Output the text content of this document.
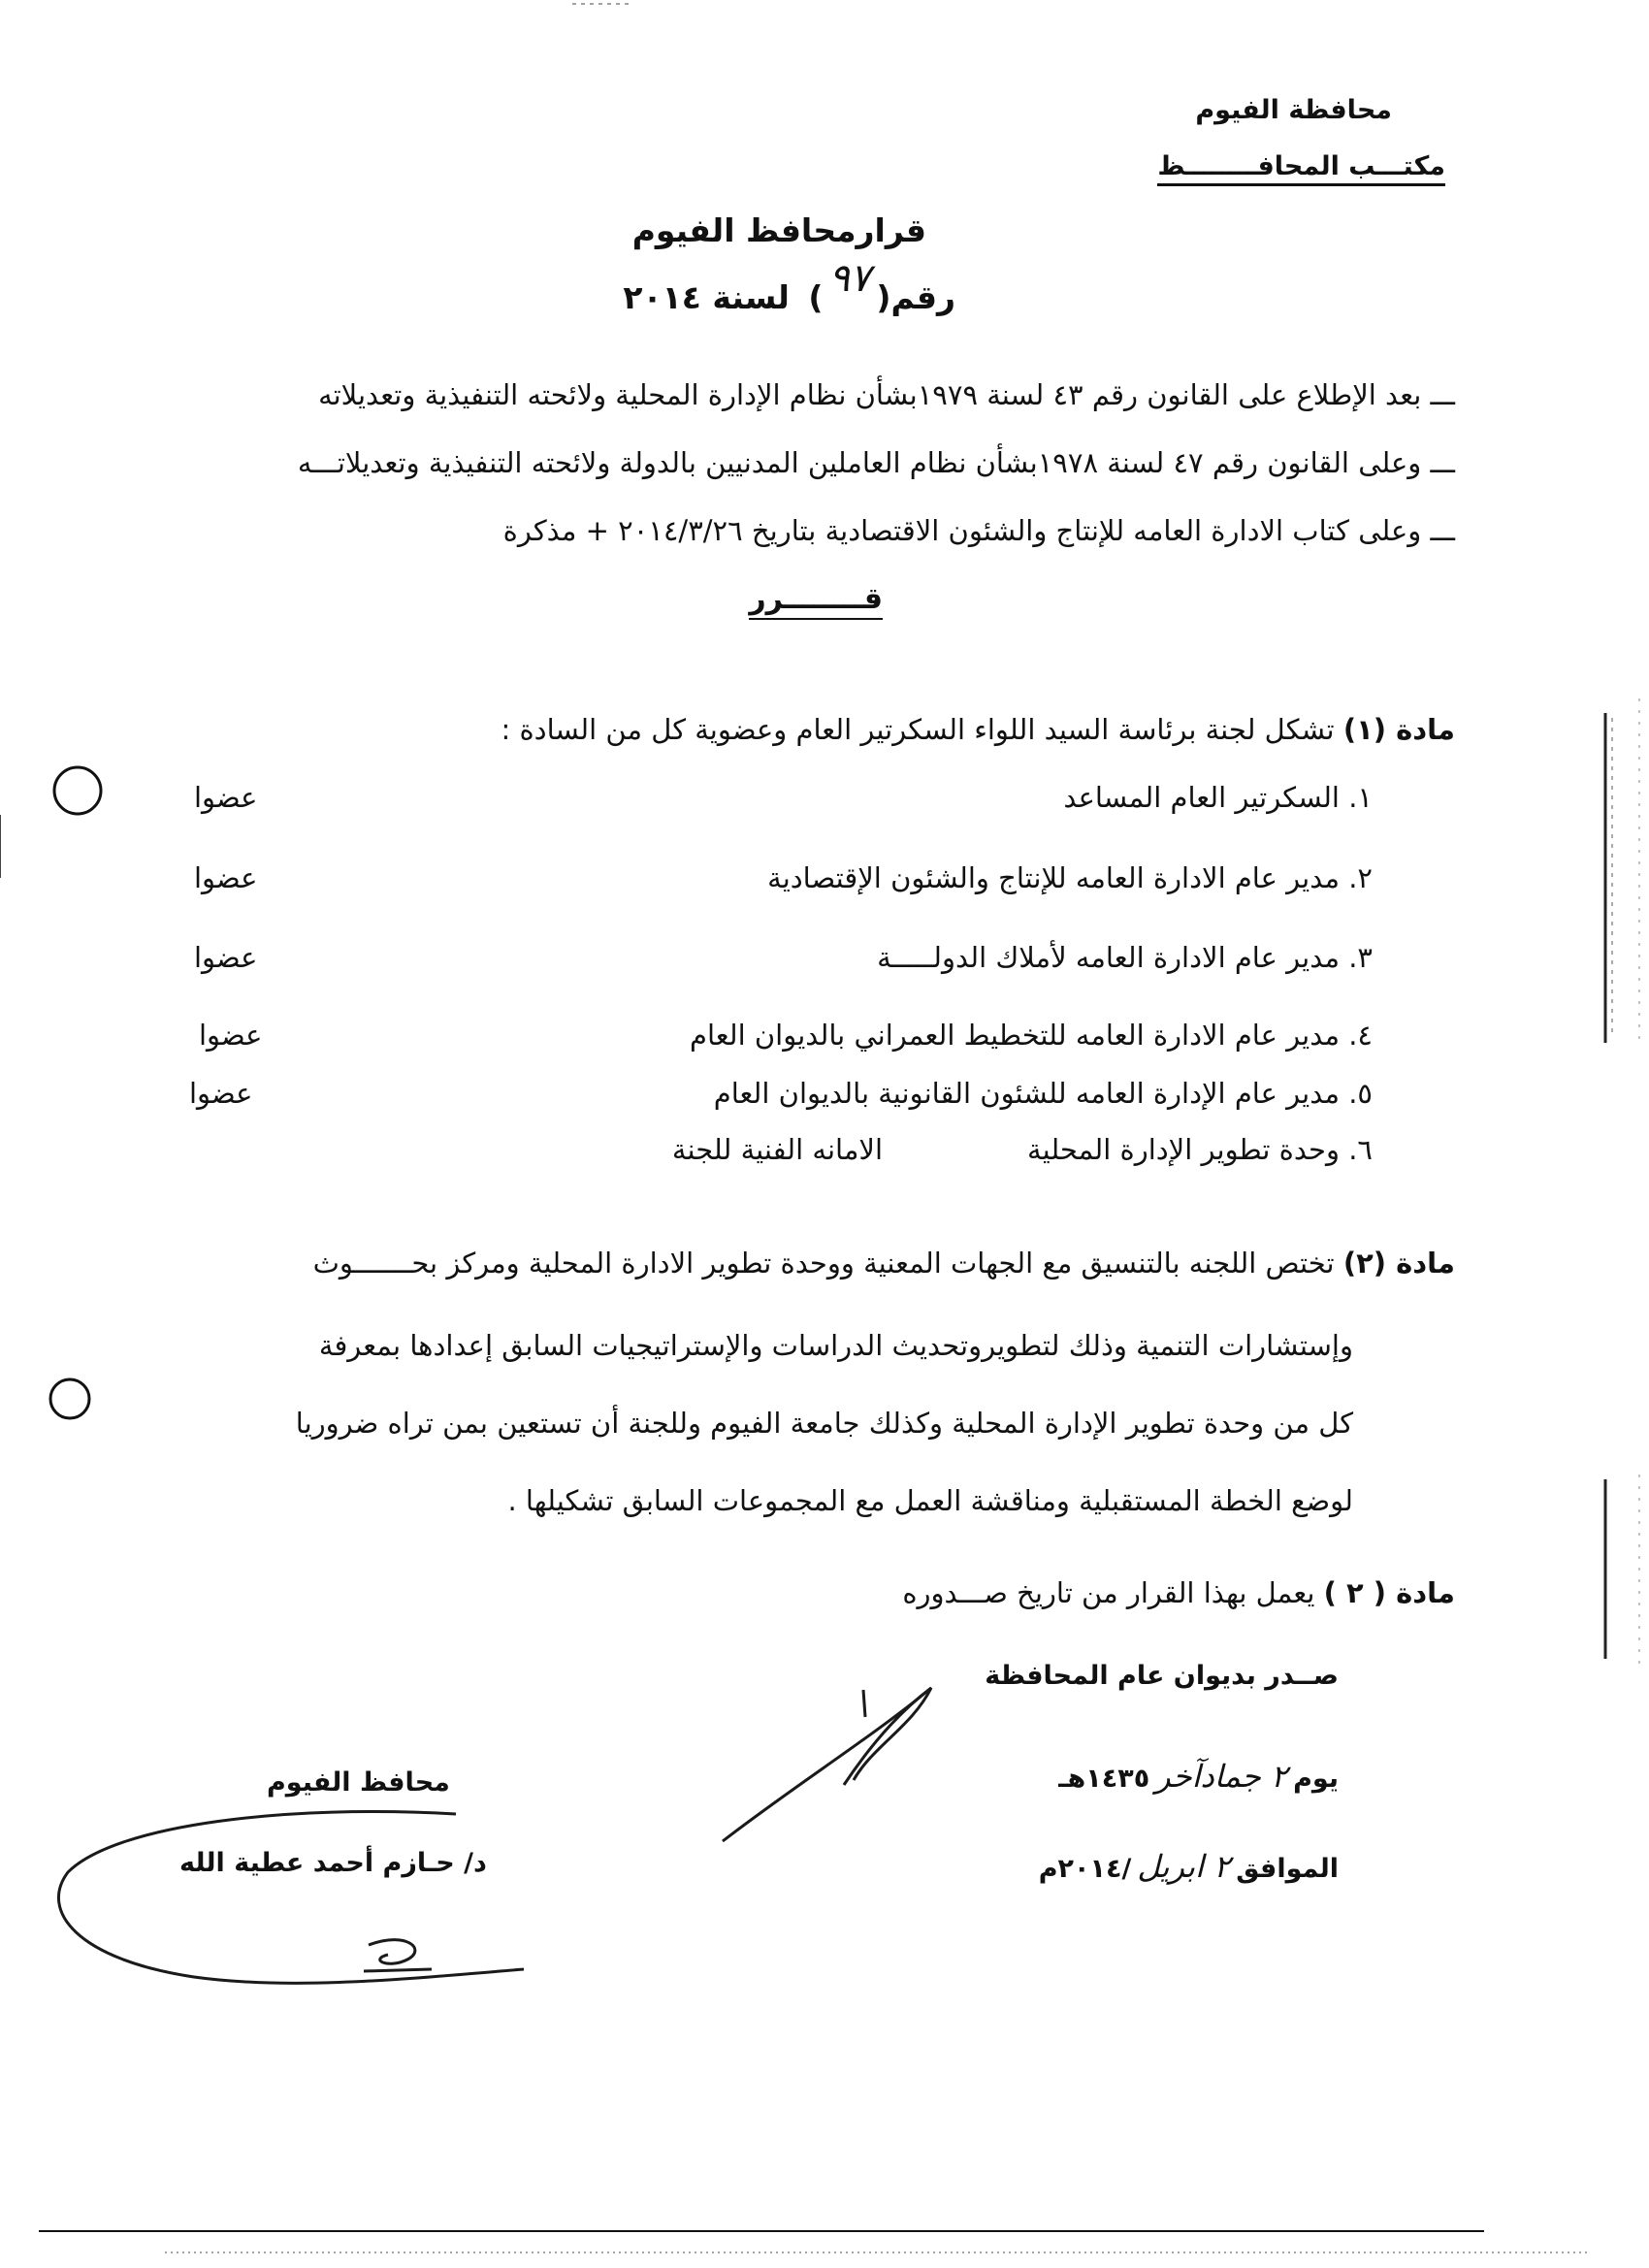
محافظة الفيوم
مكتـــب المحافــــــــظ
قرارمحافظ الفيوم
رقم(٩٧) لسنة ٢٠١٤
ـــ بعد الإطلاع على القانون رقم ٤٣ لسنة ١٩٧٩بشأن نظام الإدارة المحلية ولائحته التنفيذية وتعديلاته
ـــ وعلى القانون رقم ٤٧ لسنة ١٩٧٨بشأن نظام العاملين المدنيين بالدولة ولائحته التنفيذية وتعديلاتـــه
ـــ وعلى كتاب الادارة العامه للإنتاج والشئون الاقتصادية بتاريخ ٢٠١٤/٣/٢٦ + مذكرة
قــــــــرر
مادة (١) تشكل لجنة برئاسة السيد اللواء السكرتير العام وعضوية كل من السادة :
١. السكرتير العام المساعد
عضوا
٢. مدير عام الادارة العامه للإنتاج والشئون الإقتصادية
عضوا
٣. مدير عام الادارة العامه لأملاك الدولـــــة
عضوا
٤. مدير عام الادارة العامه للتخطيط العمراني بالديوان العام
عضوا
٥. مدير عام الإدارة العامه للشئون القانونية بالديوان العام
عضوا
٦. وحدة تطوير الإدارة المحلية
الامانه الفنية للجنة
مادة (٢) تختص اللجنه بالتنسيق مع الجهات المعنية ووحدة تطوير الادارة المحلية ومركز بحـــــــوث
وإستشارات التنمية وذلك لتطويروتحديث الدراسات والإستراتيجيات السابق إعدادها بمعرفة
كل من وحدة تطوير الإدارة المحلية وكذلك جامعة الفيوم وللجنة أن تستعين بمن تراه ضروريا
لوضع الخطة المستقبلية ومناقشة العمل مع المجموعات السابق تشكيلها .
مادة ( ٢ ) يعمل بهذا القرار من تاريخ صـــدوره
صــدر بديوان عام المحافظة
يوم٢ جمادآخر١٤٣٥هـ
الموافق٢ ابريل/٢٠١٤م
محافظ الفيوم
د/ حـازم أحمد عطية الله
